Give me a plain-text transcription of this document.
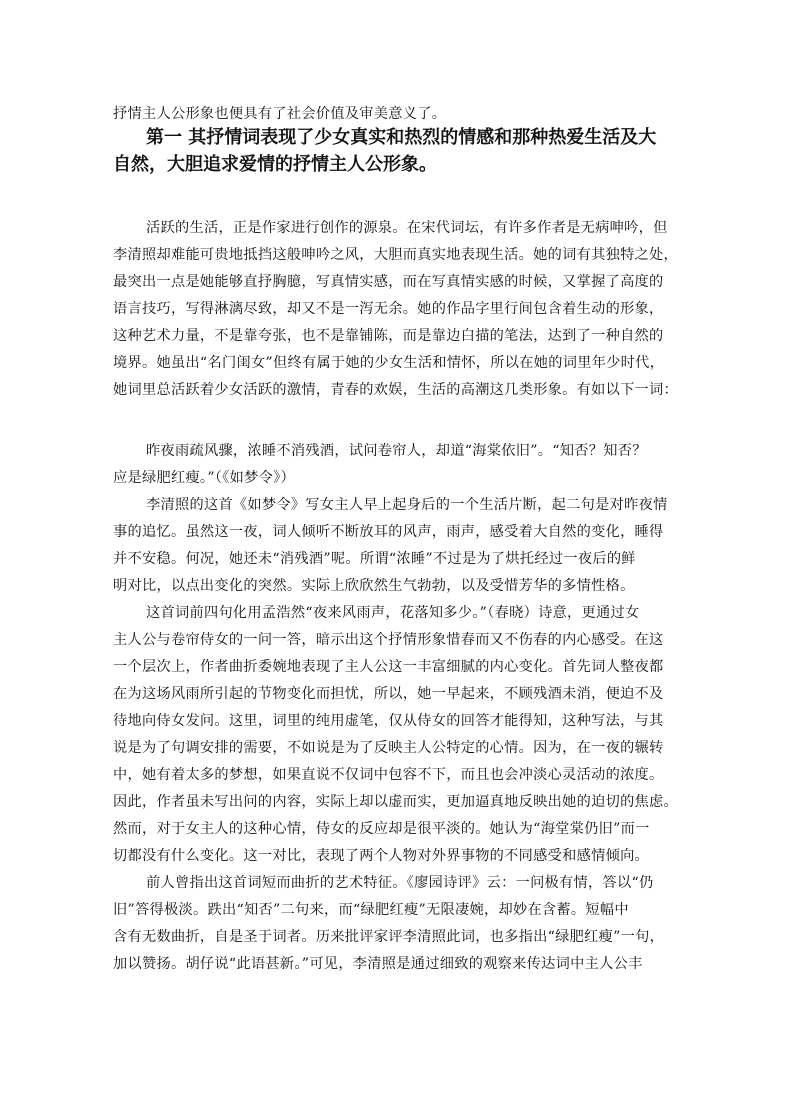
抒情主人公形象也便具有了社会价值及审美意义了。

第一 其抒情词表现了少女真实和热烈的情感和那种热爱生活及大
自然，大胆追求爱情的抒情主人公形象。

活跃的生活，正是作家进行创作的源泉。在宋代词坛，有许多作者是无病呻吟，但

李清照却难能可贵地抵挡这般呻吟之风，大胆而真实地表现生活。她的词有其独特之处，

最突出一点是她能够直抒胸臆，写真情实感，而在写真情实感的时候，又掌握了高度的

语言技巧，写得淋漓尽致，却又不是一泻无余。她的作品字里行间包含着生动的形象，

这种艺术力量，不是靠夸张，也不是靠铺陈，而是靠边白描的笔法，达到了一种自然的

境界。她虽出“名门闺女”但终有属于她的少女生活和情怀，所以在她的词里年少时代，

她词里总活跃着少女活跃的激情，青春的欢娱，生活的高潮这几类形象。有如以下一词：

昨夜雨疏风骤，浓睡不消残酒，试问卷帘人，却道“海棠依旧”。“知否？知否？

应是绿肥红瘦。”（《如梦令》）

李清照的这首《如梦令》写女主人早上起身后的一个生活片断，起二句是对昨夜情

事的追忆。虽然这一夜，词人倾听不断放耳的风声，雨声，感受着大自然的变化，睡得

并不安稳。何况，她还未“消残酒”呢。所谓“浓睡”不过是为了烘托经过一夜后的鲜

明对比，以点出变化的突然。实际上欣欣然生气勃勃，以及受惜芳华的多情性格。

这首词前四句化用孟浩然“夜来风雨声，花落知多少。”（春晓）诗意，更通过女

主人公与卷帘侍女的一问一答，暗示出这个抒情形象惜春而又不伤春的内心感受。在这

一个层次上，作者曲折委婉地表现了主人公这一丰富细腻的内心变化。首先词人整夜都

在为这场风雨所引起的节物变化而担忧，所以，她一早起来，不顾残酒未消，便迫不及

待地向侍女发问。这里，词里的纯用虚笔，仅从侍女的回答才能得知，这种写法，与其

说是为了句调安排的需要，不如说是为了反映主人公特定的心情。因为，在一夜的辗转

中，她有着太多的梦想，如果直说不仅词中包容不下，而且也会冲淡心灵活动的浓度。

因此，作者虽未写出问的内容，实际上却以虚而实，更加逼真地反映出她的迫切的焦虑。

然而，对于女主人的这种心情，侍女的反应却是很平淡的。她认为“海堂棠仍旧”而一

切都没有什么变化。这一对比，表现了两个人物对外界事物的不同感受和感情倾向。

前人曾指出这首词短而曲折的艺术特征。《廖园诗评》云：一问极有情，答以“仍

旧”答得极淡。跌出“知否”二句来，而“绿肥红瘦”无限凄婉，却妙在含蓄。短幅中

含有无数曲折，自是圣于词者。历来批评家评李清照此词，也多指出“绿肥红瘦”一句，

加以赞扬。胡仔说“此语甚新。”可见，李清照是通过细致的观察来传达词中主人公丰
